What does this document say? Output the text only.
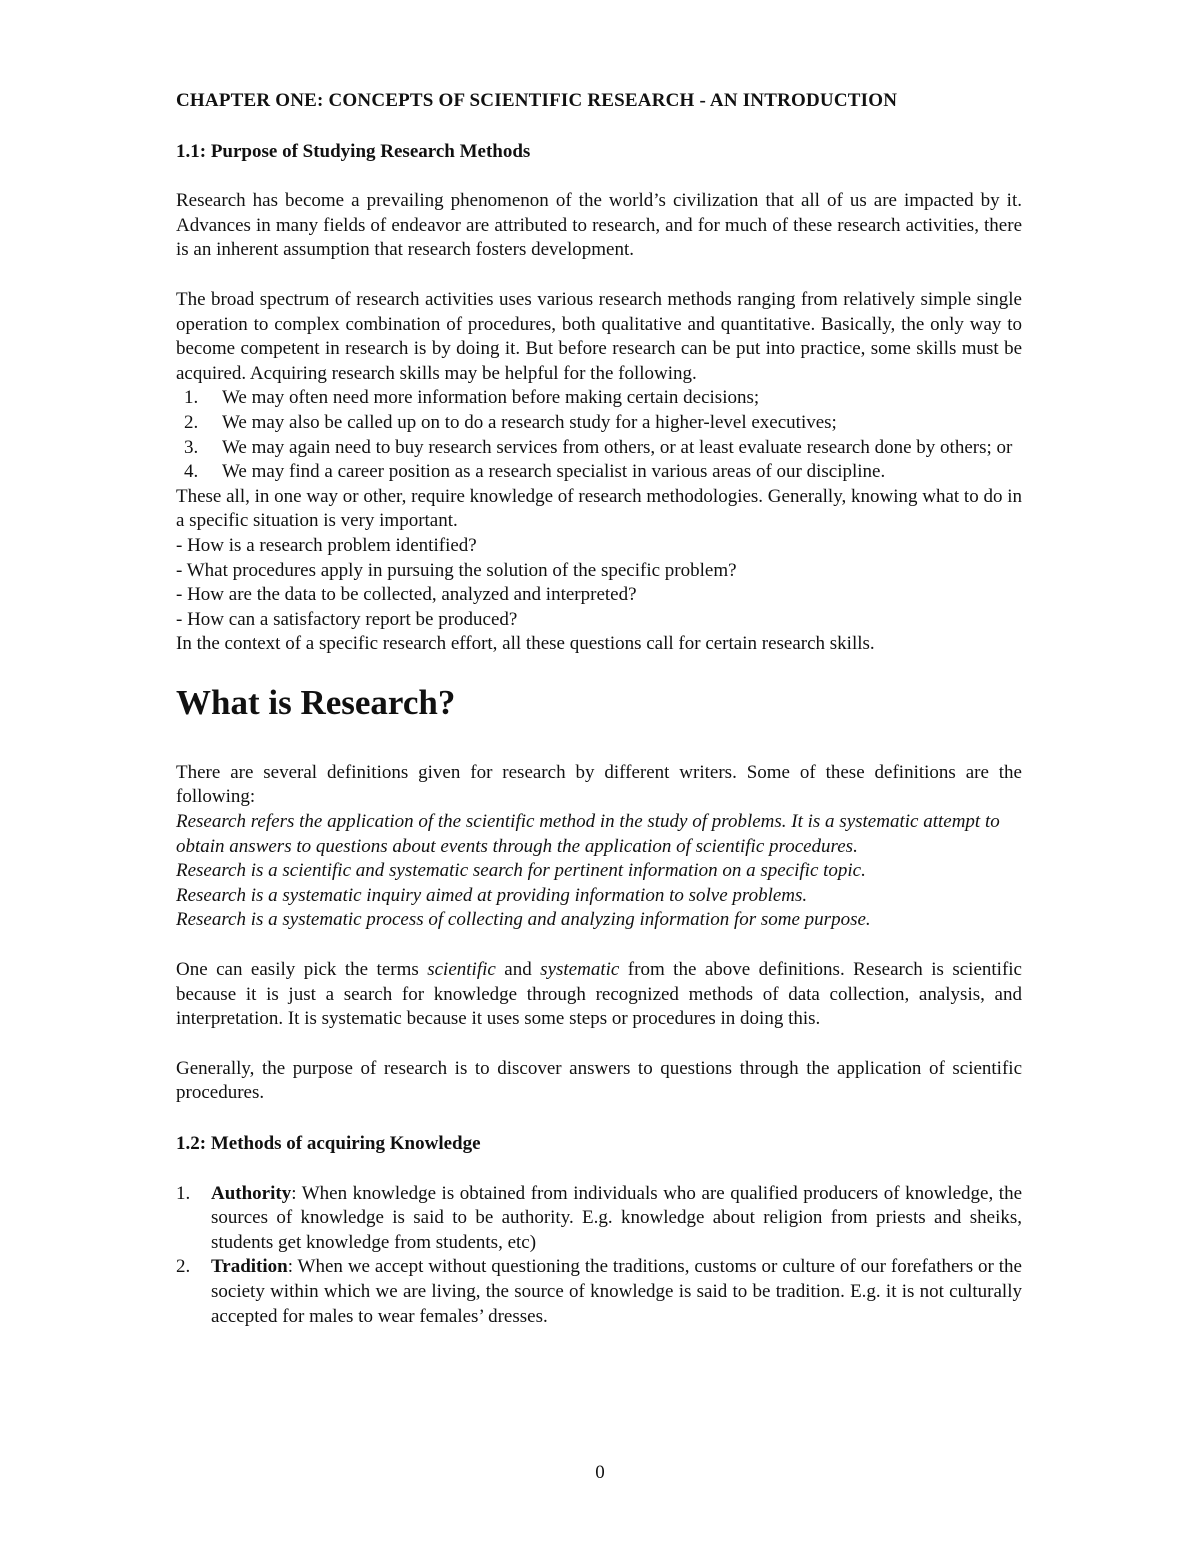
CHAPTER ONE: CONCEPTS OF SCIENTIFIC RESEARCH - AN INTRODUCTION

1.1: Purpose of Studying Research Methods

Research has become a prevailing phenomenon of the world’s civilization that all of us are impacted by it. Advances in many fields of endeavor are attributed to research, and for much of these research activities, there is an inherent assumption that research fosters development.

The broad spectrum of research activities uses various research methods ranging from relatively simple single operation to complex combination of procedures, both qualitative and quantitative. Basically, the only way to become competent in research is by doing it. But before research can be put into practice, some skills must be acquired. Acquiring research skills may be helpful for the following.

1. We may often need more information before making certain decisions;
2. We may also be called up on to do a research study for a higher-level executives;
3. We may again need to buy research services from others, or at least evaluate research done by others; or
4. We may find a career position as a research specialist in various areas of our discipline.

These all, in one way or other, require knowledge of research methodologies. Generally, knowing what to do in a specific situation is very important.

- How is a research problem identified?

- What procedures apply in pursuing the solution of the specific problem?

- How are the data to be collected, analyzed and interpreted?

- How can a satisfactory report be produced?

In the context of a specific research effort, all these questions call for certain research skills.

What is Research?

There are several definitions given for research by different writers. Some of these definitions are the following:

Research refers the application of the scientific method in the study of problems. It is a systematic attempt to obtain answers to questions about events through the application of scientific procedures.

Research is a scientific and systematic search for pertinent information on a specific topic.

Research is a systematic inquiry aimed at providing information to solve problems.

Research is a systematic process of collecting and analyzing information for some purpose.

One can easily pick the terms scientific and systematic from the above definitions. Research is scientific because it is just a search for knowledge through recognized methods of data collection, analysis, and interpretation. It is systematic because it uses some steps or procedures in doing this.

Generally, the purpose of research is to discover answers to questions through the application of scientific procedures.

1.2: Methods of acquiring Knowledge

1. Authority: When knowledge is obtained from individuals who are qualified producers of knowledge, the sources of knowledge is said to be authority. E.g. knowledge about religion from priests and sheiks, students get knowledge from students, etc)
2. Tradition: When we accept without questioning the traditions, customs or culture of our forefathers or the society within which we are living, the source of knowledge is said to be tradition. E.g. it is not culturally accepted for males to wear females’ dresses.
0
